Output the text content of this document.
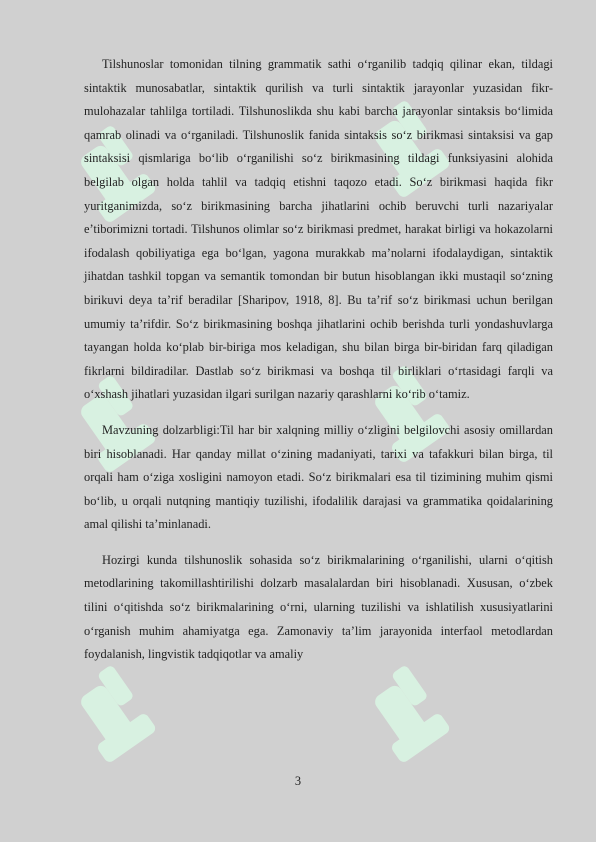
Tilshunoslar tomonidan tilning grammatik sathi o‘rganilib tadqiq qilinar ekan, tildagi sintaktik munosabatlar, sintaktik qurilish va turli sintaktik jarayonlar yuzasidan fikr-mulohazalar tahlilga tortiladi. Tilshunoslikda shu kabi barcha jarayonlar sintaksis bo‘limida qamrab olinadi va o‘rganiladi. Tilshunoslik fanida sintaksis so‘z birikmasi sintaksisi va gap sintaksisi qismlariga bo‘lib o‘rganilishi so‘z birikmasining tildagi funksiyasini alohida belgilab olgan holda tahlil va tadqiq etishni taqozo etadi. So‘z birikmasi haqida fikr yuritganimizda, so‘z birikmasining barcha jihatlarini ochib beruvchi turli nazariyalar e’tiborimizni tortadi. Tilshunos olimlar so‘z birikmasi predmet, harakat birligi va hokazolarni ifodalash qobiliyatiga ega bo‘lgan, yagona murakkab ma’nolarni ifodalaydigan, sintaktik jihatdan tashkil topgan va semantik tomondan bir butun hisoblangan ikki mustaqil so‘zning birikuvi deya ta’rif beradilar [Sharipov, 1918, 8]. Bu ta’rif so‘z birikmasi uchun berilgan umumiy ta’rifdir. So‘z birikmasining boshqa jihatlarini ochib berishda turli yondashuvlarga tayangan holda ko‘plab bir-biriga mos keladigan, shu bilan birga bir-biridan farq qiladigan fikrlarni bildiradilar. Dastlab so‘z birikmasi va boshqa til birliklari o‘rtasidagi farqli va o‘xshash jihatlari yuzasidan ilgari surilgan nazariy qarashlarni ko‘rib o‘tamiz.

Mavzuning dolzarbligi:Til har bir xalqning milliy o‘zligini belgilovchi asosiy omillardan biri hisoblanadi. Har qanday millat o‘zining madaniyati, tarixi va tafakkuri bilan birga, til orqali ham o‘ziga xosligini namoyon etadi. So‘z birikmalari esa til tizimining muhim qismi bo‘lib, u orqali nutqning mantiqiy tuzilishi, ifodalilik darajasi va grammatika qoidalarining amal qilishi ta’minlanadi.

Hozirgi kunda tilshunoslik sohasida so‘z birikmalarining o‘rganilishi, ularni o‘qitish metodlarining takomillashtirilishi dolzarb masalalardan biri hisoblanadi. Xususan, o‘zbek tilini o‘qitishda so‘z birikmalarining o‘rni, ularning tuzilishi va ishlatilish xususiyatlarini o‘rganish muhim ahamiyatga ega. Zamonaviy ta’lim jarayonida interfaol metodlardan foydalanish, lingvistik tadqiqotlar va amaliy

3
